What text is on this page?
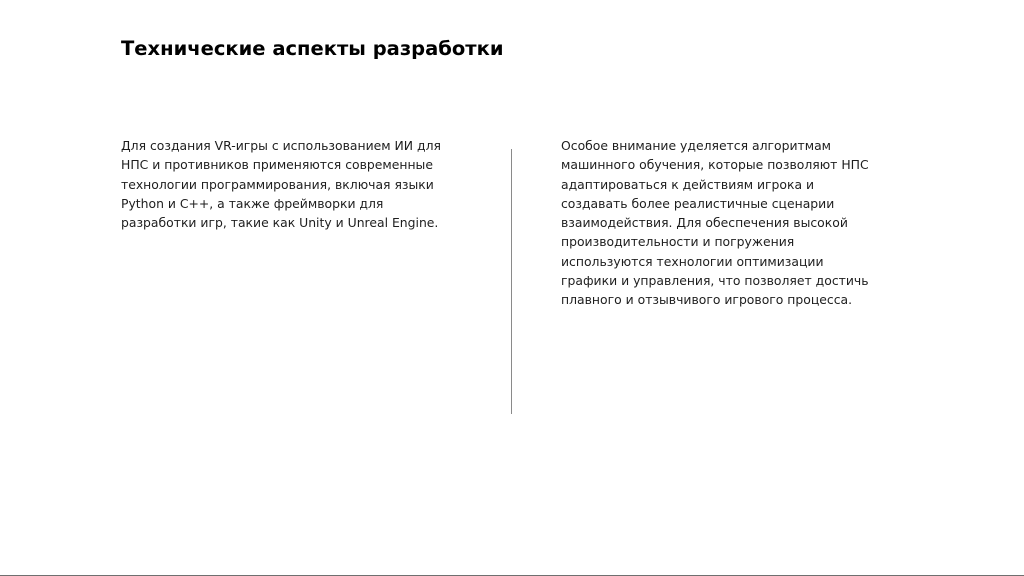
Технические аспекты разработки
Для создания VR-игры с использованием ИИ для
НПС и противников применяются современные
технологии программирования, включая языки
Python и C++, а также фреймворки для
разработки игр, такие как Unity и Unreal Engine.
Особое внимание уделяется алгоритмам
машинного обучения, которые позволяют НПС
адаптироваться к действиям игрока и
создавать более реалистичные сценарии
взаимодействия. Для обеспечения высокой
производительности и погружения
используются технологии оптимизации
графики и управления, что позволяет достичь
плавного и отзывчивого игрового процесса.
